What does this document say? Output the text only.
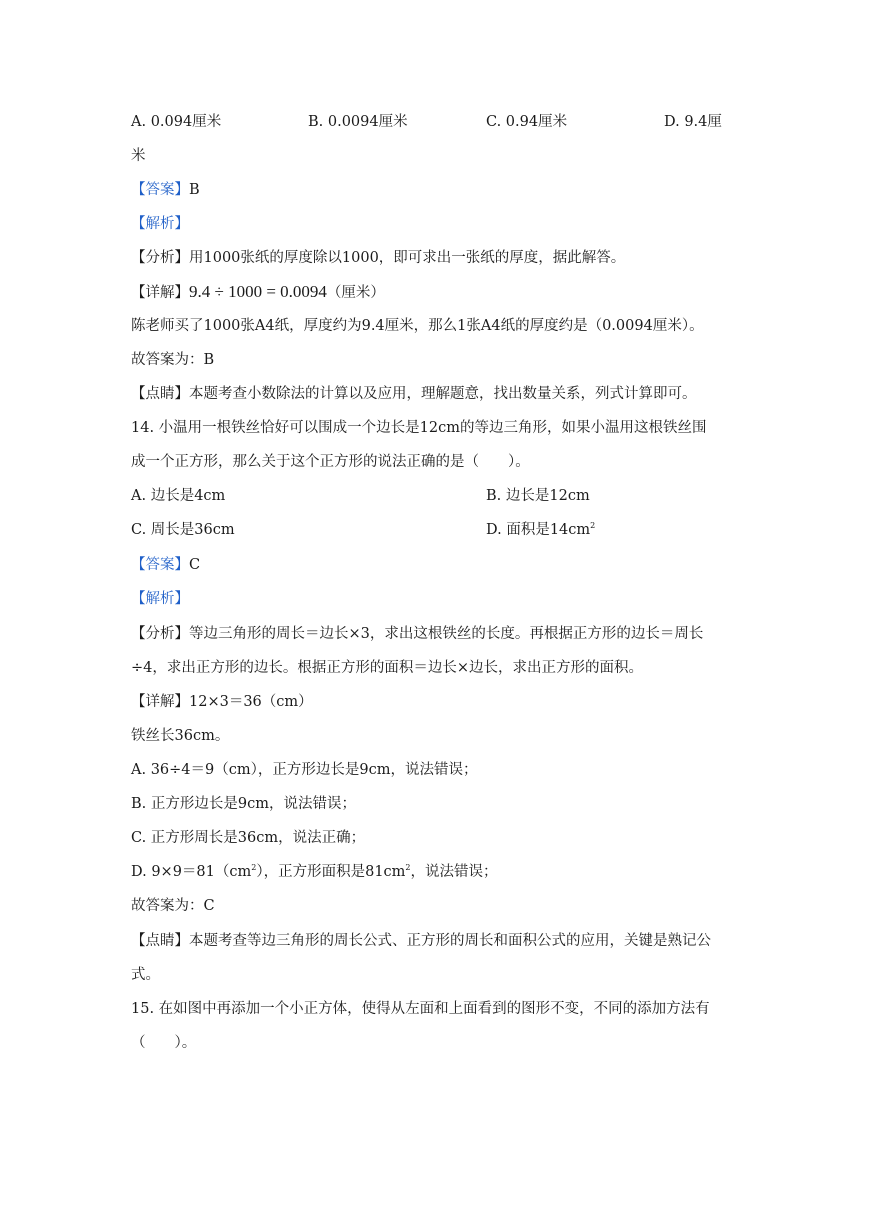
A. 0.094厘米	B. 0.0094厘米	C. 0.94厘米	D. 9.4厘
米
【答案】B
【解析】
【分析】用1000张纸的厚度除以1000，即可求出一张纸的厚度，据此解答。
【详解】9.4 ÷ 1000 = 0.0094（厘米）
陈老师买了1000张A4纸，厚度约为9.4厘米，那么1张A4纸的厚度约是（0.0094厘米）。
故答案为：B
【点睛】本题考查小数除法的计算以及应用，理解题意，找出数量关系，列式计算即可。
14. 小温用一根铁丝恰好可以围成一个边长是12cm的等边三角形，如果小温用这根铁丝围
成一个正方形，那么关于这个正方形的说法正确的是（　　）。
A. 边长是4cm	B. 边长是12cm
C. 周长是36cm	D. 面积是$14cm^2$
【答案】C
【解析】
【分析】等边三角形的周长＝边长×3，求出这根铁丝的长度。再根据正方形的边长＝周长
÷4，求出正方形的边长。根据正方形的面积＝边长×边长，求出正方形的面积。
【详解】12×3＝36（cm）
铁丝长36cm。
A. 36÷4＝9（cm），正方形边长是9cm，说法错误；
B. 正方形边长是9cm，说法错误；
C. 正方形周长是36cm，说法正确；
D. $9\times 9=81(cm^2)$，正方形面积是$81cm^2$，说法错误；
故答案为：C
【点睛】本题考查等边三角形的周长公式、正方形的周长和面积公式的应用，关键是熟记公
式。
15. 在如图中再添加一个小正方体，使得从左面和上面看到的图形不变，不同的添加方法有
（　　）。
